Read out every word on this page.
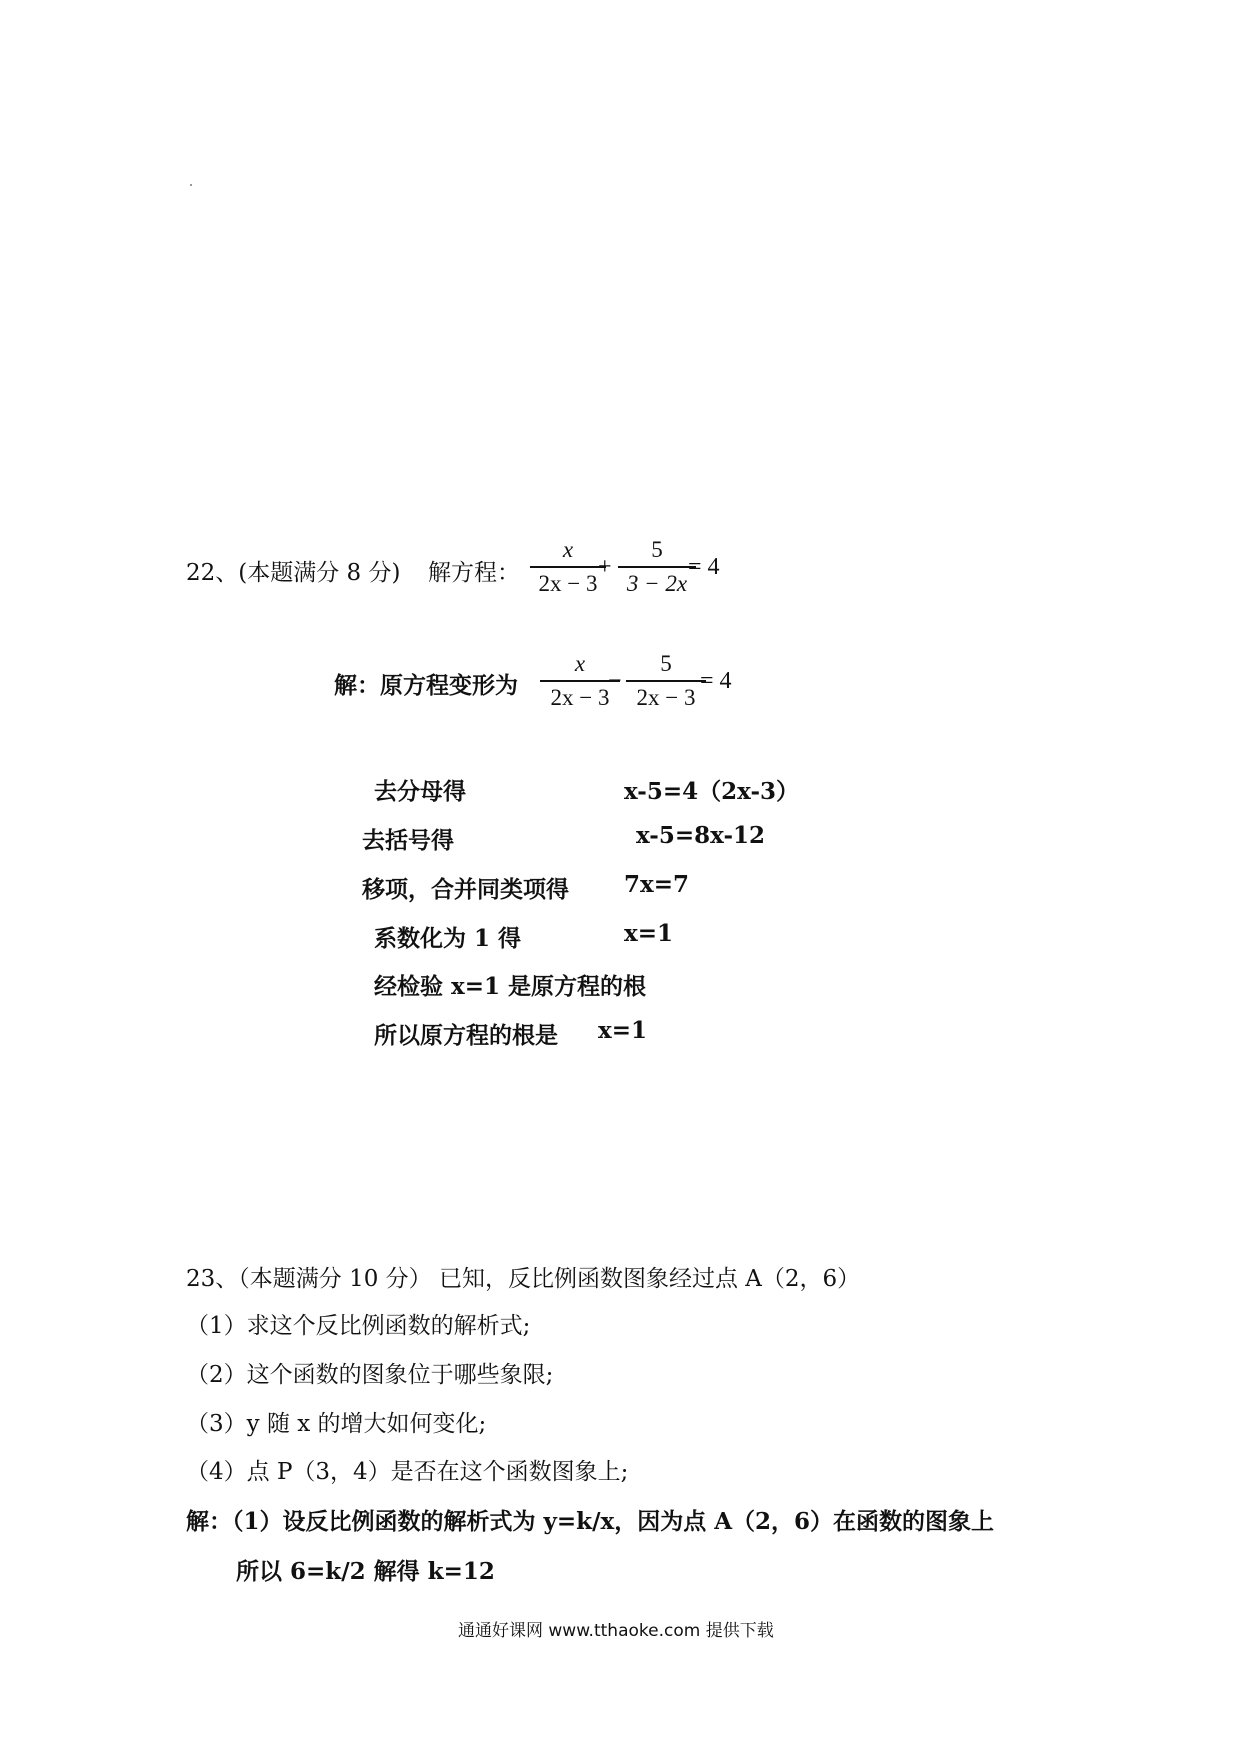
22、(本题满分 8 分) 解方程：
x
2x − 3
+
5
3 − 2x
= 4
解：原方程变形为
x
2x − 3
−
5
2x − 3
= 4
去分母得	x-5=4（2x-3）
去括号得	x-5=8x-12
移项，合并同类项得 7x=7
系数化为 1 得	x=1
经检验 x=1 是原方程的根
所以原方程的根是 x=1
23、（本题满分 10 分） 已知，反比例函数图象经过点 A（2，6）
（1）求这个反比例函数的解析式;
（2）这个函数的图象位于哪些象限;
（3）y 随 x 的增大如何变化;
（4）点 P（3，4）是否在这个函数图象上;
解：（1）设反比例函数的解析式为 y=k/x，因为点 A（2，6）在函数的图象上
所以 6=k/2 解得 k=12
通通好课网 www.tthaoke.com 提供下载
